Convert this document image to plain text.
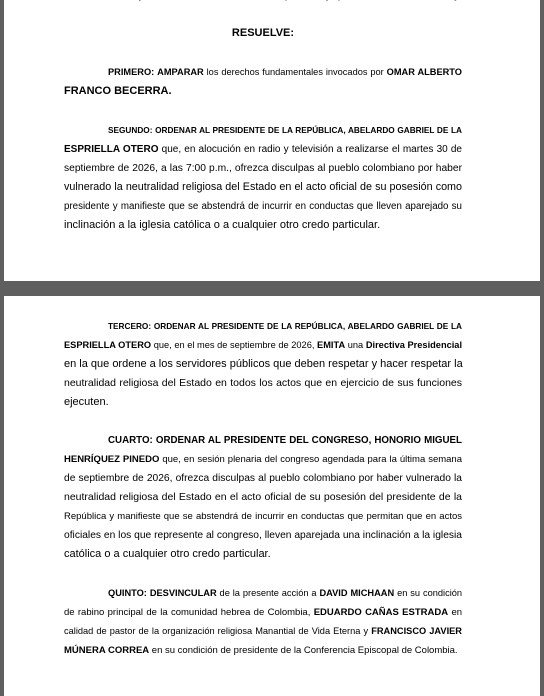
RESUELVE:
PRIMERO: AMPARAR los derechos fundamentales invocados por OMAR ALBERTO
FRANCO BECERRA.
SEGUNDO: ORDENAR AL PRESIDENTE DE LA REPÚBLICA, ABELARDO GABRIEL DE LA
ESPRIELLA OTERO que, en alocución en radio y televisión a realizarse el martes 30 de
septiembre de 2026, a las 7:00 p.m., ofrezca disculpas al pueblo colombiano por haber
vulnerado la neutralidad religiosa del Estado en el acto oficial de su posesión como
presidente y manifieste que se abstendrá de incurrir en conductas que lleven aparejado su
inclinación a la iglesia católica o a cualquier otro credo particular.
TERCERO: ORDENAR AL PRESIDENTE DE LA REPÚBLICA, ABELARDO GABRIEL DE LA
ESPRIELLA OTERO que, en el mes de septiembre de 2026, EMITA una Directiva Presidencial
en la que ordene a los servidores públicos que deben respetar y hacer respetar la
neutralidad religiosa del Estado en todos los actos que en ejercicio de sus funciones
ejecuten.
CUARTO: ORDENAR AL PRESIDENTE DEL CONGRESO, HONORIO MIGUEL
HENRÍQUEZ PINEDO que, en sesión plenaria del congreso agendada para la última semana
de septiembre de 2026, ofrezca disculpas al pueblo colombiano por haber vulnerado la
neutralidad religiosa del Estado en el acto oficial de su posesión del presidente de la
República y manifieste que se abstendrá de incurrir en conductas que permitan que en actos
oficiales en los que represente al congreso, lleven aparejada una inclinación a la iglesia
católica o a cualquier otro credo particular.
QUINTO: DESVINCULAR de la presente acción a DAVID MICHAAN en su condición
de rabino principal de la comunidad hebrea de Colombia, EDUARDO CAÑAS ESTRADA en
calidad de pastor de la organización religiosa Manantial de Vida Eterna y FRANCISCO JAVIER
MÚNERA CORREA en su condición de presidente de la Conferencia Episcopal de Colombia.
